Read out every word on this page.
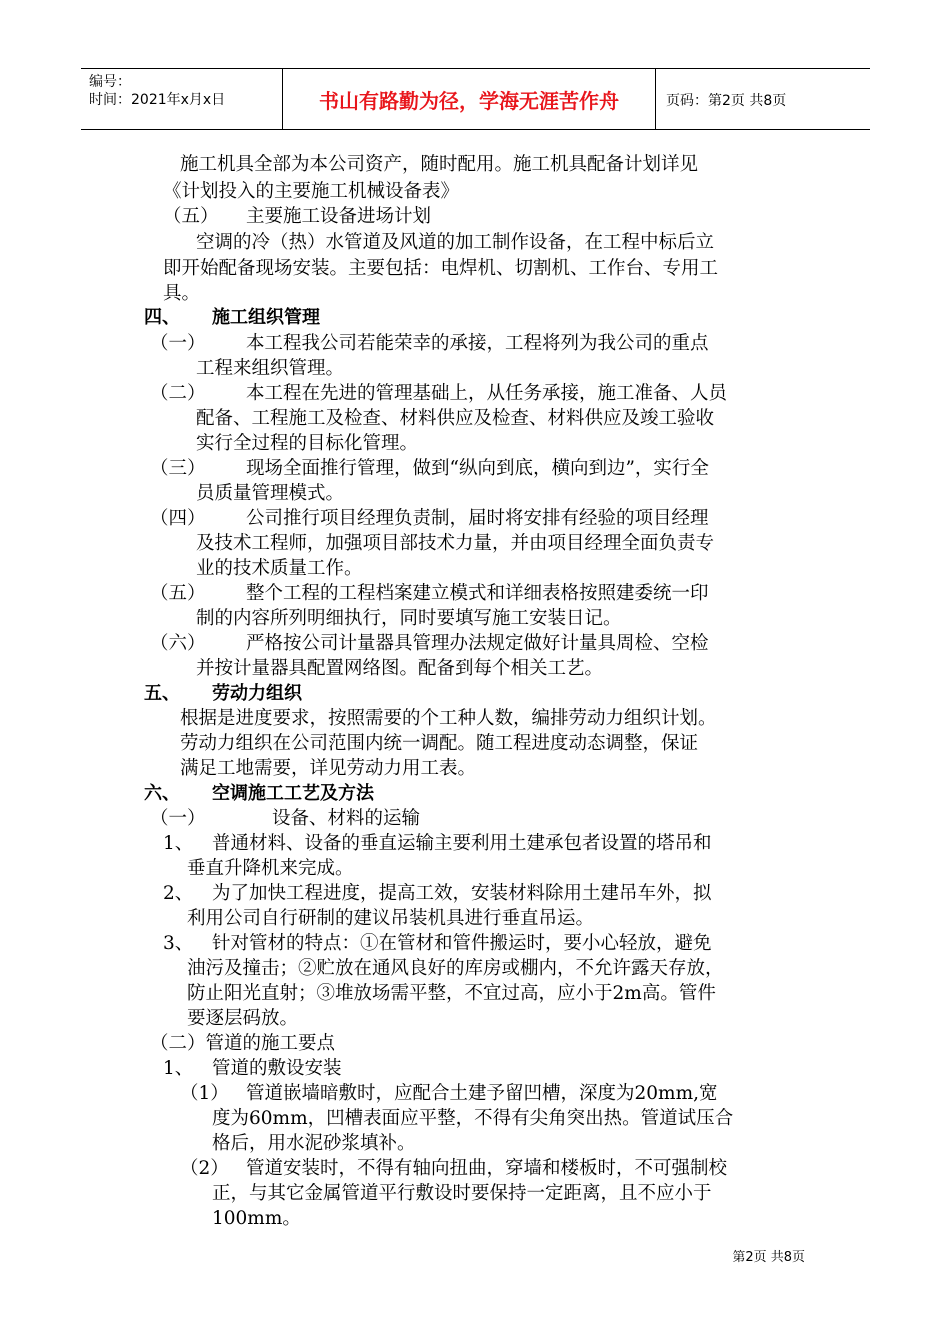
编号：
时间：2021年x月x日	书山有路勤为径，学海无涯苦作舟	页码：第2页 共8页
施工机具全部为本公司资产，随时配用。施工机具配备计划详见
《计划投入的主要施工机械设备表》
（五） 主要施工设备进场计划
空调的冷（热）水管道及风道的加工制作设备，在工程中标后立
即开始配备现场安装。主要包括：电焊机、切割机、工作台、专用工
具。
四、 施工组织管理
（一） 本工程我公司若能荣幸的承接，工程将列为我公司的重点
工程来组织管理。
（二） 本工程在先进的管理基础上，从任务承接，施工准备、人员
配备、工程施工及检查、材料供应及检查、材料供应及竣工验收
实行全过程的目标化管理。
（三） 现场全面推行管理，做到“纵向到底，横向到边”，实行全
员质量管理模式。
（四） 公司推行项目经理负责制，届时将安排有经验的项目经理
及技术工程师，加强项目部技术力量，并由项目经理全面负责专
业的技术质量工作。
（五） 整个工程的工程档案建立模式和详细表格按照建委统一印
制的内容所列明细执行，同时要填写施工安装日记。
（六） 严格按公司计量器具管理办法规定做好计量具周检、空检
并按计量器具配置网络图。配备到每个相关工艺。
五、 劳动力组织
根据是进度要求，按照需要的个工种人数，编排劳动力组织计划。
劳动力组织在公司范围内统一调配。随工程进度动态调整，保证
满足工地需要，详见劳动力用工表。
六、 空调施工工艺及方法
（一）	设备、材料的运输
1、 普通材料、设备的垂直运输主要利用土建承包者设置的塔吊和
垂直升降机来完成。
2、 为了加快工程进度，提高工效，安装材料除用土建吊车外，拟
利用公司自行研制的建议吊装机具进行垂直吊运。
3、 针对管材的特点：①在管材和管件搬运时，要小心轻放，避免
油污及撞击；②贮放在通风良好的库房或棚内，不允许露天存放，
防止阳光直射；③堆放场需平整，不宜过高，应小于2m高。管件
要逐层码放。
（二）管道的施工要点
1、 管道的敷设安装
（1） 管道嵌墙暗敷时，应配合土建予留凹槽，深度为20mm,宽
度为60mm，凹槽表面应平整，不得有尖角突出热。管道试压合
格后，用水泥砂浆填补。
（2） 管道安装时，不得有轴向扭曲，穿墙和楼板时，不可强制校
正，与其它金属管道平行敷设时要保持一定距离，且不应小于
100mm。
第2页 共8页
